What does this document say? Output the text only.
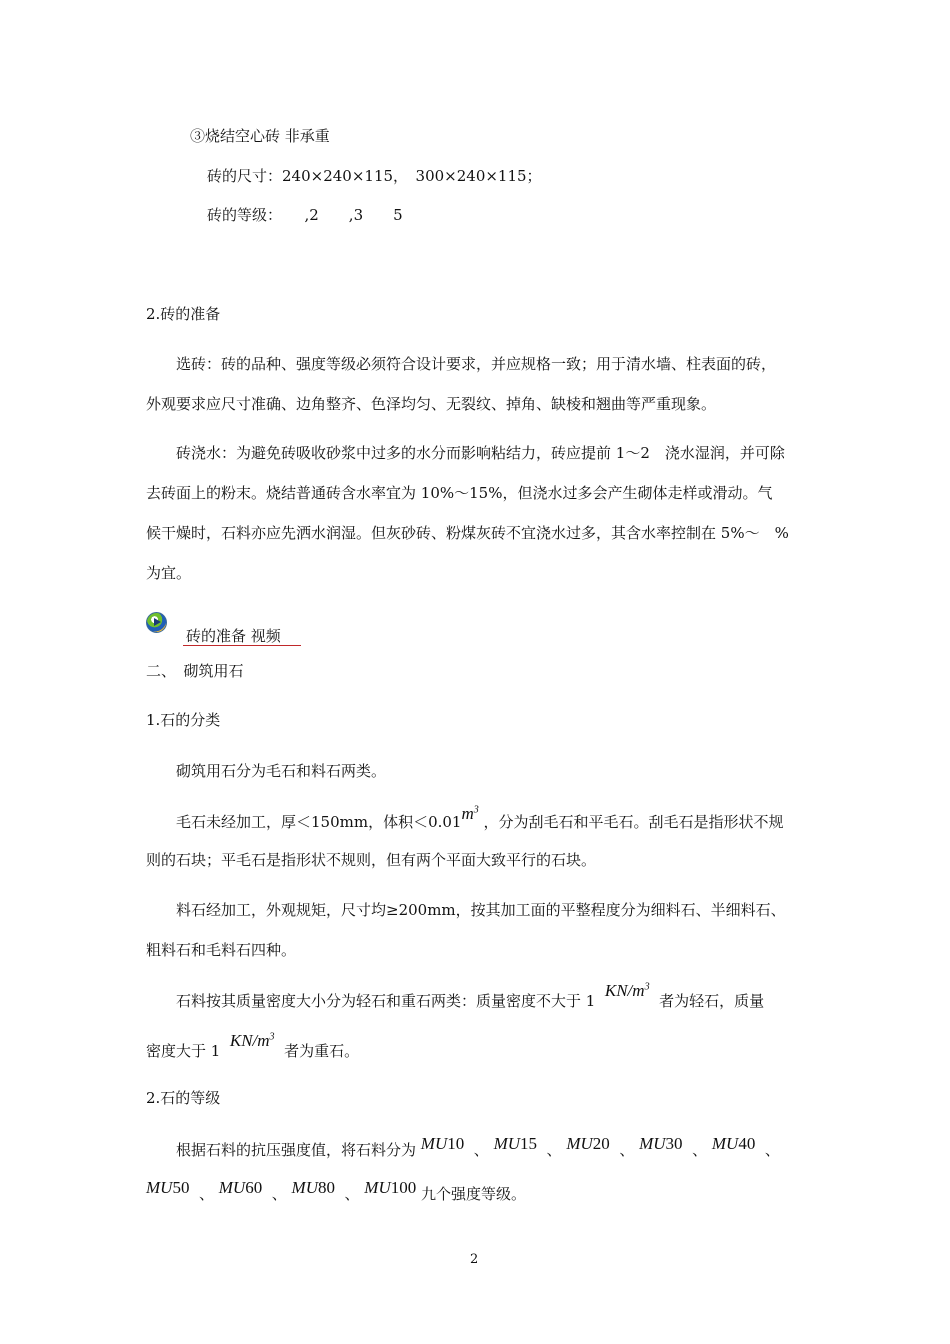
③烧结空心砖 非承重
砖的尺寸：240×240×115，　300×240×115；
砖的等级：　　,2　　,3　　5
2.砖的准备
选砖：砖的品种、强度等级必须符合设计要求，并应规格一致；用于清水墙、柱表面的砖，
外观要求应尺寸准确、边角整齐、色泽均匀、无裂纹、掉角、缺棱和翘曲等严重现象。
砖浇水：为避免砖吸收砂浆中过多的水分而影响粘结力，砖应提前 1～2　浇水湿润，并可除
去砖面上的粉末。烧结普通砖含水率宜为 10%～15%，但浇水过多会产生砌体走样或滑动。气
候干燥时，石料亦应先洒水润湿。但灰砂砖、粉煤灰砖不宜浇水过多，其含水率控制在 5%～　%
为宜。
砖的准备 视频
二、　砌筑用石
1.石的分类
砌筑用石分为毛石和料石两类。
毛石未经加工，厚＜150mm，体积$<0.01m^3$ ，分为刮毛石和平毛石。刮毛石是指形状不规
则的石块；平毛石是指形状不规则，但有两个平面大致平行的石块。
料石经加工，外观规矩，尺寸均≥200mm，按其加工面的平整程度分为细料石、半细料石、
粗料石和毛料石四种。
石料按其质量密度大小分为轻石和重石两类：质量密度不大于 1  $KN/m^3$  者为轻石，质量
密度大于 1  $KN/m^3$  者为重石。
2.石的等级
根据石料的抗压强度值，将石料分为 MU10  、 MU15  、 MU20  、 MU30  、 MU40  、
MU50  、 MU60  、 MU80  、 MU100 九个强度等级。
2
